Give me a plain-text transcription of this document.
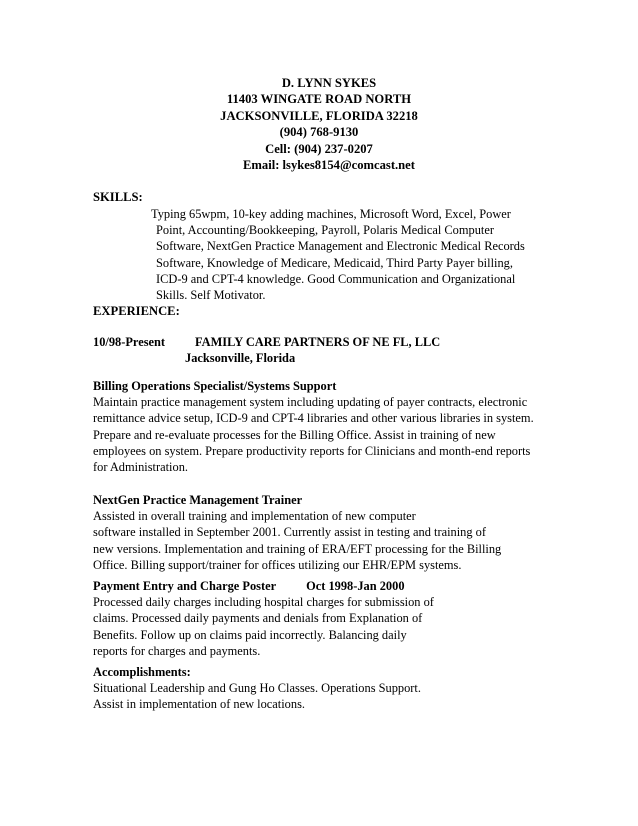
D. LYNN SYKES
11403 WINGATE ROAD NORTH
JACKSONVILLE, FLORIDA 32218
(904) 768-9130
Cell: (904) 237-0207
Email: lsykes8154@comcast.net
SKILLS:
Typing 65wpm, 10-key adding machines, Microsoft Word, Excel, Power
Point, Accounting/Bookkeeping, Payroll, Polaris Medical Computer
Software, NextGen Practice Management and Electronic Medical Records
Software, Knowledge of Medicare, Medicaid, Third Party Payer billing,
ICD-9 and CPT-4 knowledge. Good Communication and Organizational
Skills. Self Motivator.
EXPERIENCE:
10/98-Present FAMILY CARE PARTNERS OF NE FL, LLC
Jacksonville, Florida
Billing Operations Specialist/Systems Support
Maintain practice management system including updating of payer contracts, electronic
remittance advice setup, ICD-9 and CPT-4 libraries and other various libraries in system.
Prepare and re-evaluate processes for the Billing Office. Assist in training of new
employees on system. Prepare productivity reports for Clinicians and month-end reports
for Administration.
NextGen Practice Management Trainer
Assisted in overall training and implementation of new computer
software installed in September 2001. Currently assist in testing and training of
new versions. Implementation and training of ERA/EFT processing for the Billing
Office. Billing support/trainer for offices utilizing our EHR/EPM systems.
Payment Entry and Charge Poster Oct 1998-Jan 2000
Processed daily charges including hospital charges for submission of
claims. Processed daily payments and denials from Explanation of
Benefits. Follow up on claims paid incorrectly. Balancing daily
reports for charges and payments.
Accomplishments:
Situational Leadership and Gung Ho Classes. Operations Support.
Assist in implementation of new locations.
